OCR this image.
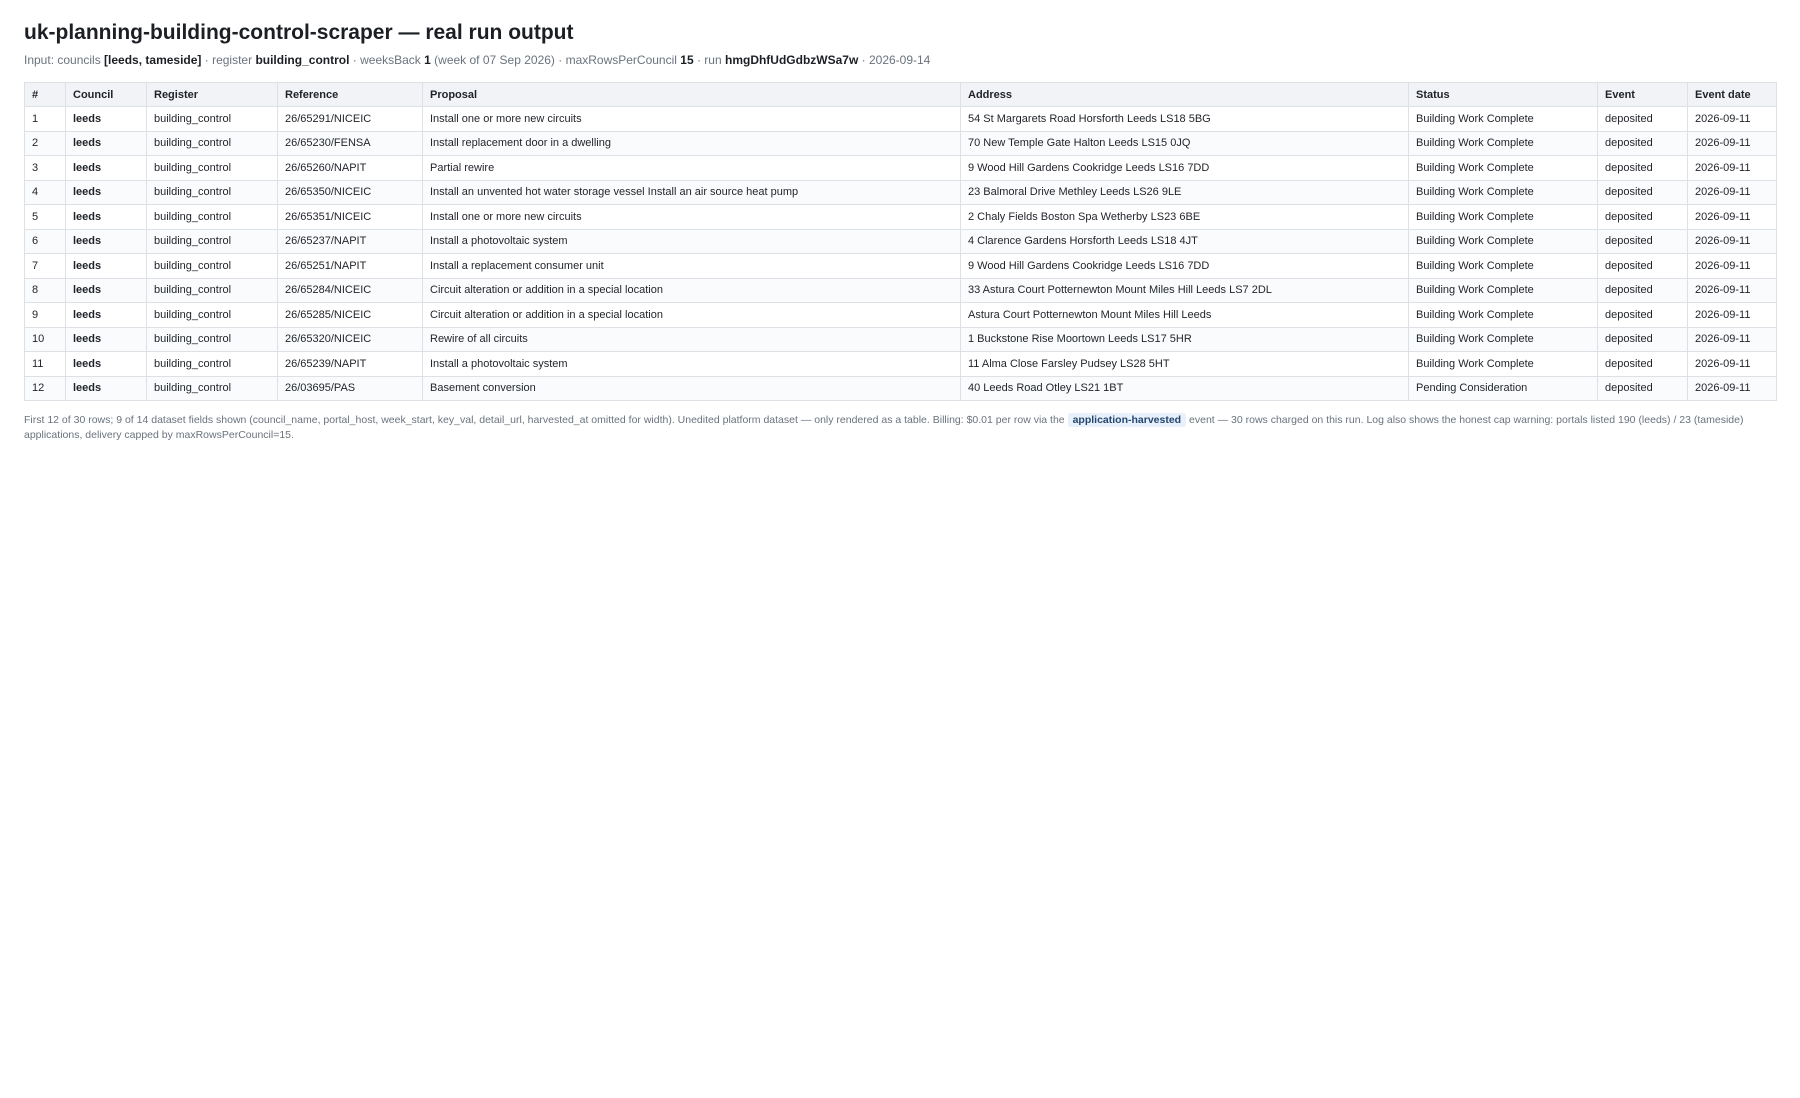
uk-planning-building-control-scraper — real run output
Input: councils [leeds, tameside] · register building_control · weeksBack 1 (week of 07 Sep 2026) · maxRowsPerCouncil 15 · run hmgDhfUdGdbzWSa7w · 2026-09-14
#	Council	Register	Reference	Proposal	Address	Status	Event	Event date
1	leeds	building_control	26/65291/NICEIC	Install one or more new circuits	54 St Margarets Road Horsforth Leeds LS18 5BG	Building Work Complete	deposited	2026-09-11
2	leeds	building_control	26/65230/FENSA	Install replacement door in a dwelling	70 New Temple Gate Halton Leeds LS15 0JQ	Building Work Complete	deposited	2026-09-11
3	leeds	building_control	26/65260/NAPIT	Partial rewire	9 Wood Hill Gardens Cookridge Leeds LS16 7DD	Building Work Complete	deposited	2026-09-11
4	leeds	building_control	26/65350/NICEIC	Install an unvented hot water storage vessel Install an air source heat pump	23 Balmoral Drive Methley Leeds LS26 9LE	Building Work Complete	deposited	2026-09-11
5	leeds	building_control	26/65351/NICEIC	Install one or more new circuits	2 Chaly Fields Boston Spa Wetherby LS23 6BE	Building Work Complete	deposited	2026-09-11
6	leeds	building_control	26/65237/NAPIT	Install a photovoltaic system	4 Clarence Gardens Horsforth Leeds LS18 4JT	Building Work Complete	deposited	2026-09-11
7	leeds	building_control	26/65251/NAPIT	Install a replacement consumer unit	9 Wood Hill Gardens Cookridge Leeds LS16 7DD	Building Work Complete	deposited	2026-09-11
8	leeds	building_control	26/65284/NICEIC	Circuit alteration or addition in a special location	33 Astura Court Potternewton Mount Miles Hill Leeds LS7 2DL	Building Work Complete	deposited	2026-09-11
9	leeds	building_control	26/65285/NICEIC	Circuit alteration or addition in a special location	Astura Court Potternewton Mount Miles Hill Leeds	Building Work Complete	deposited	2026-09-11
10	leeds	building_control	26/65320/NICEIC	Rewire of all circuits	1 Buckstone Rise Moortown Leeds LS17 5HR	Building Work Complete	deposited	2026-09-11
11	leeds	building_control	26/65239/NAPIT	Install a photovoltaic system	11 Alma Close Farsley Pudsey LS28 5HT	Building Work Complete	deposited	2026-09-11
12	leeds	building_control	26/03695/PAS	Basement conversion	40 Leeds Road Otley LS21 1BT	Pending Consideration	deposited	2026-09-11
First 12 of 30 rows; 9 of 14 dataset fields shown (council_name, portal_host, week_start, key_val, detail_url, harvested_at omitted for width). Unedited platform dataset — only rendered as a table. Billing: $0.01 per row via the application-harvested event — 30 rows charged on this run. Log also shows the honest cap warning: portals listed 190 (leeds) / 23 (tameside) applications, delivery capped by maxRowsPerCouncil=15.
